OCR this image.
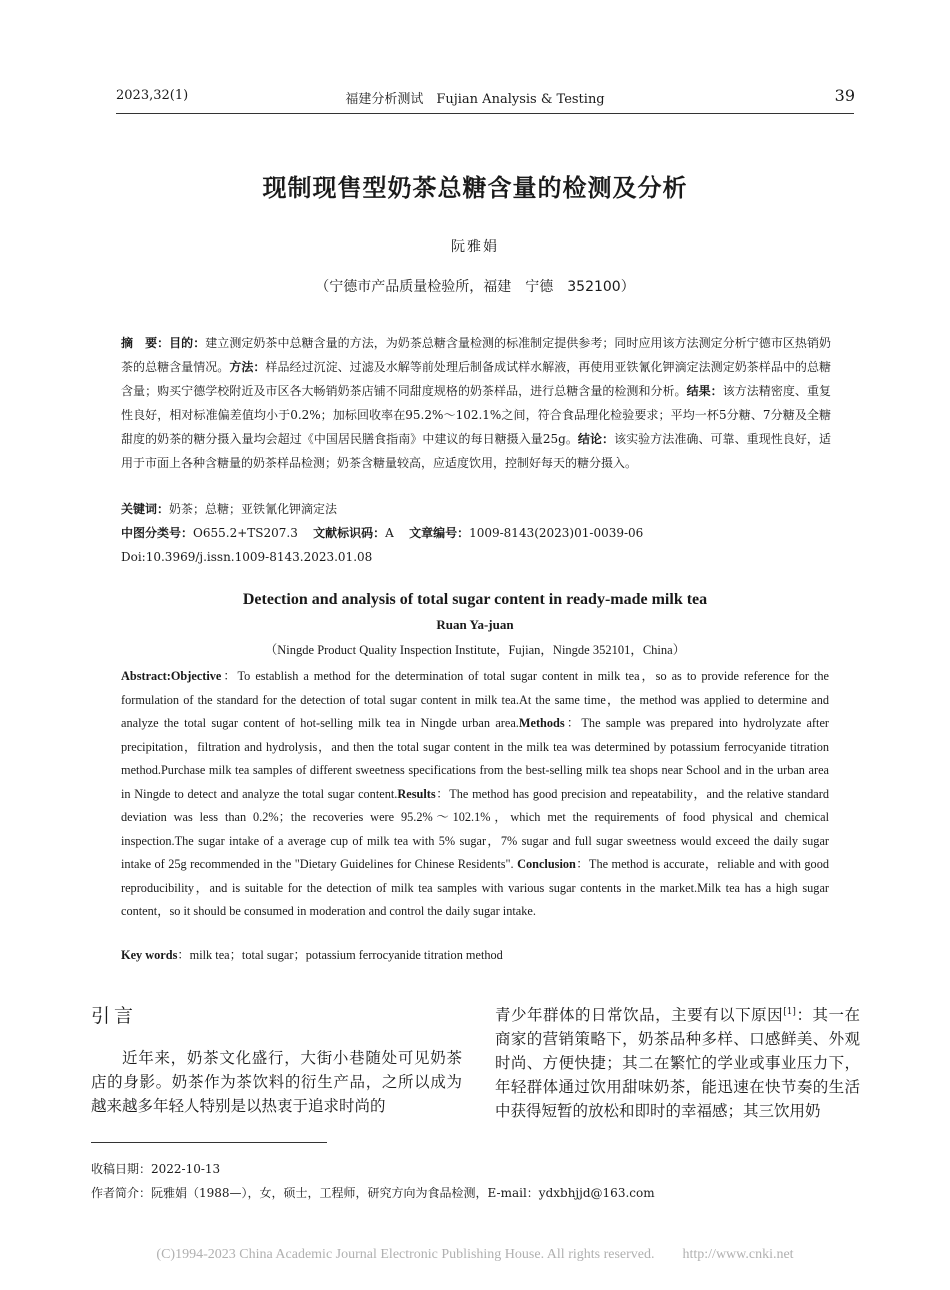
2023,32(1)	福建分析测试　Fujian Analysis & Testing	39
现制现售型奶茶总糖含量的检测及分析
阮雅娟
（宁德市产品质量检验所，福建　宁德　352100）
摘　要：目的：建立测定奶茶中总糖含量的方法，为奶茶总糖含量检测的标准制定提供参考；同时应用该方法测定分析宁德市区热销奶茶的总糖含量情况。方法：样品经过沉淀、过滤及水解等前处理后制备成试样水解液，再使用亚铁氰化钾滴定法测定奶茶样品中的总糖含量；购买宁德学校附近及市区各大畅销奶茶店铺不同甜度规格的奶茶样品，进行总糖含量的检测和分析。结果：该方法精密度、重复性良好，相对标准偏差值均小于0.2%；加标回收率在95.2%～102.1%之间，符合食品理化检验要求；平均一杯5分糖、7分糖及全糖甜度的奶茶的糖分摄入量均会超过《中国居民膳食指南》中建议的每日糖摄入量25g。结论：该实验方法准确、可靠、重现性良好，适用于市面上各种含糖量的奶茶样品检测；奶茶含糖量较高，应适度饮用，控制好每天的糖分摄入。
关键词：奶茶；总糖；亚铁氰化钾滴定法
中图分类号：O655.2+TS207.3 文献标识码：A 文章编号：1009-8143(2023)01-0039-06
Doi:10.3969/j.issn.1009-8143.2023.01.08
Detection and analysis of total sugar content in ready-made milk tea
Ruan Ya-juan
（Ningde Product Quality Inspection Institute，Fujian，Ningde 352101，China）
Abstract:Objective：To establish a method for the determination of total sugar content in milk tea，so as to provide reference for the formulation of the standard for the detection of total sugar content in milk tea.At the same time，the method was applied to determine and analyze the total sugar content of hot-selling milk tea in Ningde urban area.Methods：The sample was prepared into hydrolyzate after precipitation，filtration and hydrolysis，and then the total sugar content in the milk tea was determined by potassium ferrocyanide titration method.Purchase milk tea samples of different sweetness specifications from the best-selling milk tea shops near School and in the urban area in Ningde to detect and analyze the total sugar content.Results：The method has good precision and repeatability，and the relative standard deviation was less than 0.2%；the recoveries were 95.2%～102.1%，which met the requirements of food physical and chemical inspection.The sugar intake of a average cup of milk tea with 5% sugar，7% sugar and full sugar sweetness would exceed the daily sugar intake of 25g recommended in the "Dietary Guidelines for Chinese Residents". Conclusion：The method is accurate，reliable and with good reproducibility，and is suitable for the detection of milk tea samples with various sugar contents in the market.Milk tea has a high sugar content，so it should be consumed in moderation and control the daily sugar intake.
Key words：milk tea；total sugar；potassium ferrocyanide titration method
引言
近年来，奶茶文化盛行，大街小巷随处可见奶茶店的身影。奶茶作为茶饮料的衍生产品，之所以成为越来越多年轻人特别是以热衷于追求时尚的
青少年群体的日常饮品，主要有以下原因[1]：其一在商家的营销策略下，奶茶品种多样、口感鲜美、外观时尚、方便快捷；其二在繁忙的学业或事业压力下，年轻群体通过饮用甜味奶茶，能迅速在快节奏的生活中获得短暂的放松和即时的幸福感；其三饮用奶
收稿日期：2022-10-13
作者简介：阮雅娟（1988—），女，硕士，工程师，研究方向为食品检测，E-mail：ydxbhjjd@163.com
(C)1994-2023 China Academic Journal Electronic Publishing House. All rights reserved.　　http://www.cnki.net
